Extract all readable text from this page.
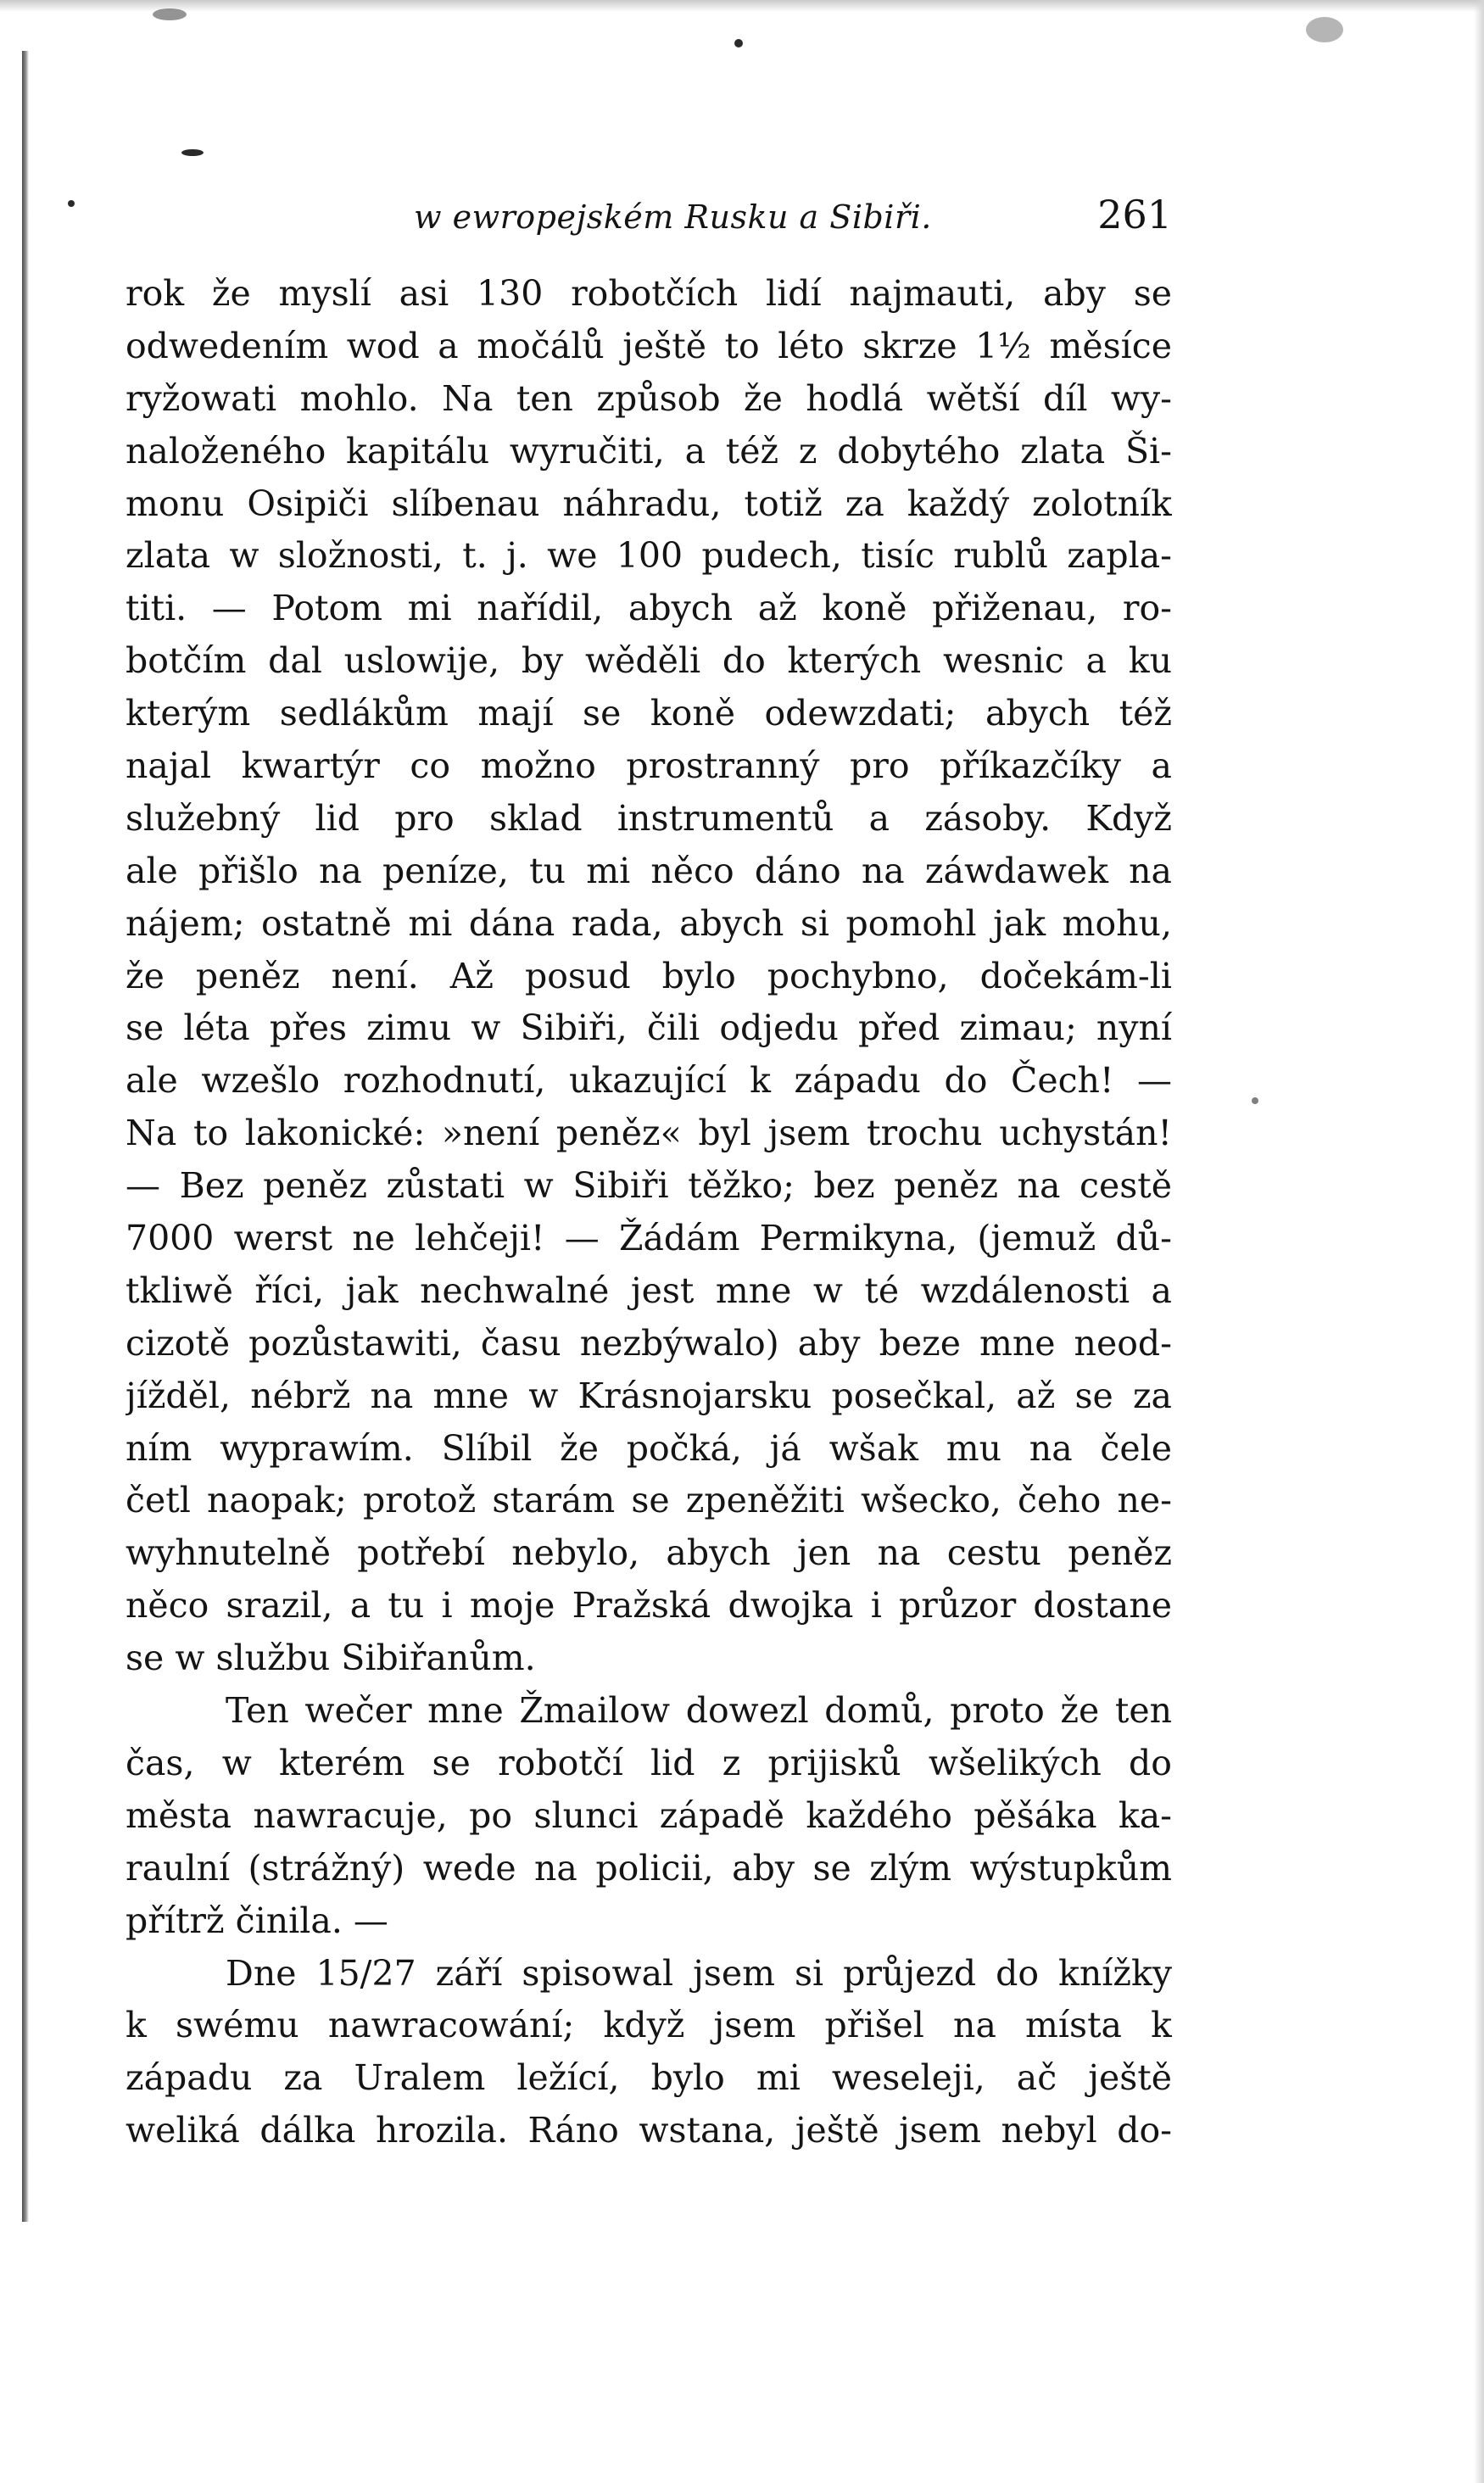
w ewropejském Rusku a Sibiři.	261
rok že myslí asi 130 robotčích lidí najmauti, aby se
odwedením wod a močálů ještě to léto skrze 1½ měsíce
ryžowati mohlo. Na ten způsob že hodlá wětší díl wy-
naloženého kapitálu wyručiti, a též z dobytého zlata Ši-
monu Osipiči slíbenau náhradu, totiž za každý zolotník
zlata w složnosti, t. j. we 100 pudech, tisíc rublů zapla-
titi. — Potom mi nařídil, abych až koně přiženau, ro-
botčím dal uslowije, by wěděli do kterých wesnic a ku
kterým sedlákům mají se koně odewzdati; abych též
najal kwartýr co možno prostranný pro příkazčíky a
služebný lid pro sklad instrumentů a zásoby. Když
ale přišlo na peníze, tu mi něco dáno na záwdawek na
nájem; ostatně mi dána rada, abych si pomohl jak mohu,
že peněz není. Až posud bylo pochybno, dočekám-li
se léta přes zimu w Sibiři, čili odjedu před zimau; nyní
ale wzešlo rozhodnutí, ukazující k západu do Čech! —
Na to lakonické: »není peněz« byl jsem trochu uchystán!
— Bez peněz zůstati w Sibiři těžko; bez peněz na cestě
7000 werst ne lehčeji! — Žádám Permikyna, (jemuž dů-
tkliwě říci, jak nechwalné jest mne w té wzdálenosti a
cizotě pozůstawiti, času nezbýwalo) aby beze mne neod-
jížděl, nébrž na mne w Krásnojarsku posečkal, až se za
ním wyprawím. Slíbil že počká, já wšak mu na čele
četl naopak; protož starám se zpeněžiti wšecko, čeho ne-
wyhnutelně potřebí nebylo, abych jen na cestu peněz
něco srazil, a tu i moje Pražská dwojka i průzor dostane
se w službu Sibiřanům.
Ten wečer mne Žmailow dowezl domů, proto že ten
čas, w kterém se robotčí lid z prijisků wšelikých do
města nawracuje, po slunci západě každého pěšáka ka-
raulní (strážný) wede na policii, aby se zlým wýstupkům
přítrž činila. —
Dne 15/27 září spisowal jsem si průjezd do knížky
k swému nawracowání; když jsem přišel na místa k
západu za Uralem ležící, bylo mi weseleji, ač ještě
weliká dálka hrozila. Ráno wstana, ještě jsem nebyl do-
